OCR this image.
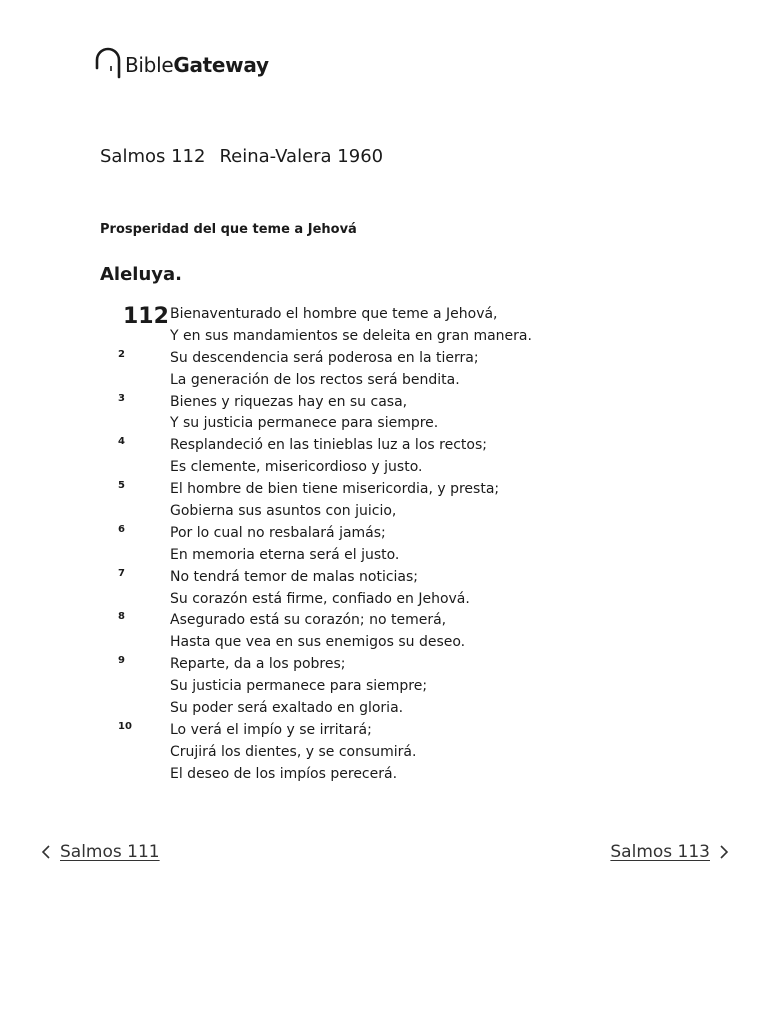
BibleGateway
Salmos 112 Reina-Valera 1960
Prosperidad del que teme a Jehová
Aleluya.
112 Bienaventurado el hombre que teme a Jehová,
Y en sus mandamientos se deleita en gran manera.
2	Su descendencia será poderosa en la tierra;
La generación de los rectos será bendita.
3	Bienes y riquezas hay en su casa,
Y su justicia permanece para siempre.
4	Resplandeció en las tinieblas luz a los rectos;
Es clemente, misericordioso y justo.
5	El hombre de bien tiene misericordia, y presta;
Gobierna sus asuntos con juicio,
6	Por lo cual no resbalará jamás;
En memoria eterna será el justo.
7	No tendrá temor de malas noticias;
Su corazón está firme, confiado en Jehová.
8	Asegurado está su corazón; no temerá,
Hasta que vea en sus enemigos su deseo.
9	Reparte, da a los pobres;
Su justicia permanece para siempre;
Su poder será exaltado en gloria.
10	Lo verá el impío y se irritará;
Crujirá los dientes, y se consumirá.
El deseo de los impíos perecerá.
Salmos 111	Salmos 113
